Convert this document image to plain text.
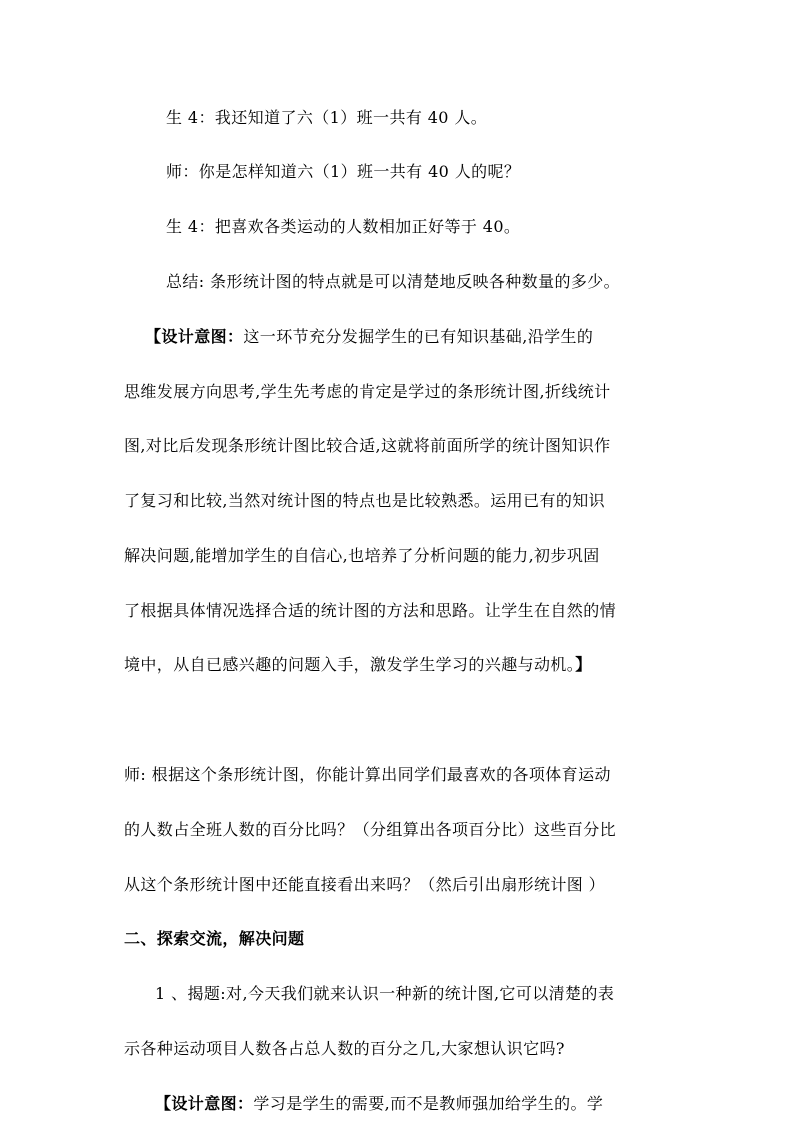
生 4：我还知道了六（1）班一共有 40 人。
师：你是怎样知道六（1）班一共有 40 人的呢？
生 4：把喜欢各类运动的人数相加正好等于 40。
总结: 条形统计图的特点就是可以清楚地反映各种数量的多少。
【设计意图：这一环节充分发掘学生的已有知识基础,沿学生的
思维发展方向思考,学生先考虑的肯定是学过的条形统计图,折线统计
图,对比后发现条形统计图比较合适,这就将前面所学的统计图知识作
了复习和比较,当然对统计图的特点也是比较熟悉。运用已有的知识
解决问题,能增加学生的自信心,也培养了分析问题的能力,初步巩固
了根据具体情况选择合适的统计图的方法和思路。让学生在自然的情
境中，从自已感兴趣的问题入手，激发学生学习的兴趣与动机。】
师: 根据这个条形统计图，你能计算出同学们最喜欢的各项体育运动
的人数占全班人数的百分比吗？（分组算出各项百分比）这些百分比
从这个条形统计图中还能直接看出来吗？（然后引出扇形统计图 ）
二、探索交流，解决问题
1 、揭题:对,今天我们就来认识一种新的统计图,它可以清楚的表
示各种运动项目人数各占总人数的百分之几,大家想认识它吗?
【设计意图：学习是学生的需要,而不是教师强加给学生的。学
